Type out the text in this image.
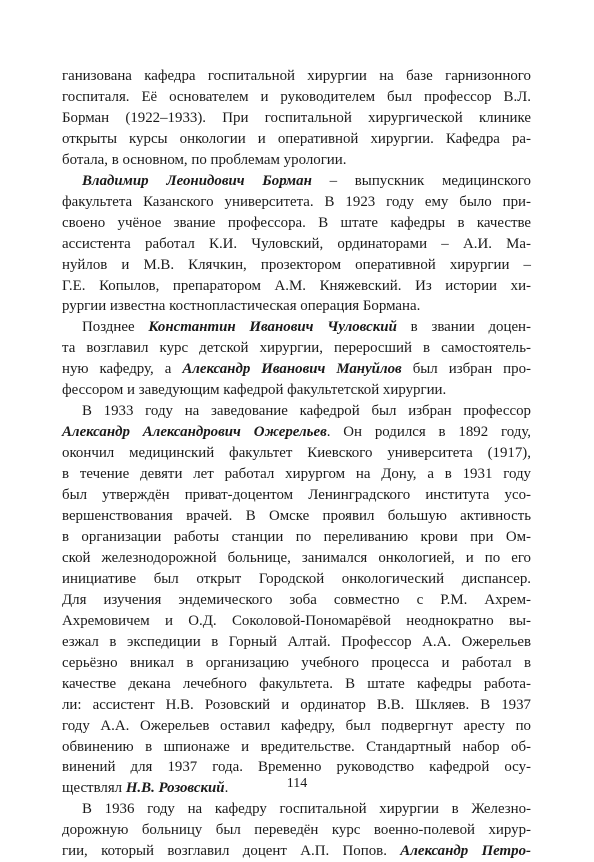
ганизована кафедра госпитальной хирургии на базе гарнизонного
госпиталя. Её основателем и руководителем был профессор В.Л.
Борман (1922–1933). При госпитальной хирургической клинике
открыты курсы онкологии и оперативной хирургии. Кафедра ра-
ботала, в основном, по проблемам урологии.
Владимир Леонидович Борман – выпускник медицинского
факультета Казанского университета. В 1923 году ему было при-
своено учёное звание профессора. В штате кафедры в качестве
ассистента работал К.И. Чуловский, ординаторами – А.И. Ма-
нуйлов и М.В. Клячкин, прозектором оперативной хирургии –
Г.Е. Копылов, препаратором А.М. Княжевский. Из истории хи-
рургии известна костнопластическая операция Бормана.
Позднее Константин Иванович Чуловский в звании доцен-
та возглавил курс детской хирургии, переросший в самостоятель-
ную кафедру, а Александр Иванович Мануйлов был избран про-
фессором и заведующим кафедрой факультетской хирургии.
В 1933 году на заведование кафедрой был избран профессор
Александр Александрович Ожерельев. Он родился в 1892 году,
окончил медицинский факультет Киевского университета (1917),
в течение девяти лет работал хирургом на Дону, а в 1931 году
был утверждён приват-доцентом Ленинградского института усо-
вершенствования врачей. В Омске проявил большую активность
в организации работы станции по переливанию крови при Ом-
ской железнодорожной больнице, занимался онкологией, и по его
инициативе был открыт Городской онкологический диспансер.
Для изучения эндемического зоба совместно с Р.М. Ахрем-
Ахремовичем и О.Д. Соколовой-Пономарёвой неоднократно вы-
езжал в экспедиции в Горный Алтай. Профессор А.А. Ожерельев
серьёзно вникал в организацию учебного процесса и работал в
качестве декана лечебного факультета. В штате кафедры работа-
ли: ассистент Н.В. Розовский и ординатор В.В. Шкляев. В 1937
году А.А. Ожерельев оставил кафедру, был подвергнут аресту по
обвинению в шпионаже и вредительстве. Стандартный набор об-
винений для 1937 года. Временно руководство кафедрой осу-
ществлял Н.В. Розовский.
В 1936 году на кафедру госпитальной хирургии в Железно-
дорожную больницу был переведён курс военно-полевой хирур-
гии, который возглавил доцент А.П. Попов. Александр Петро-
114
